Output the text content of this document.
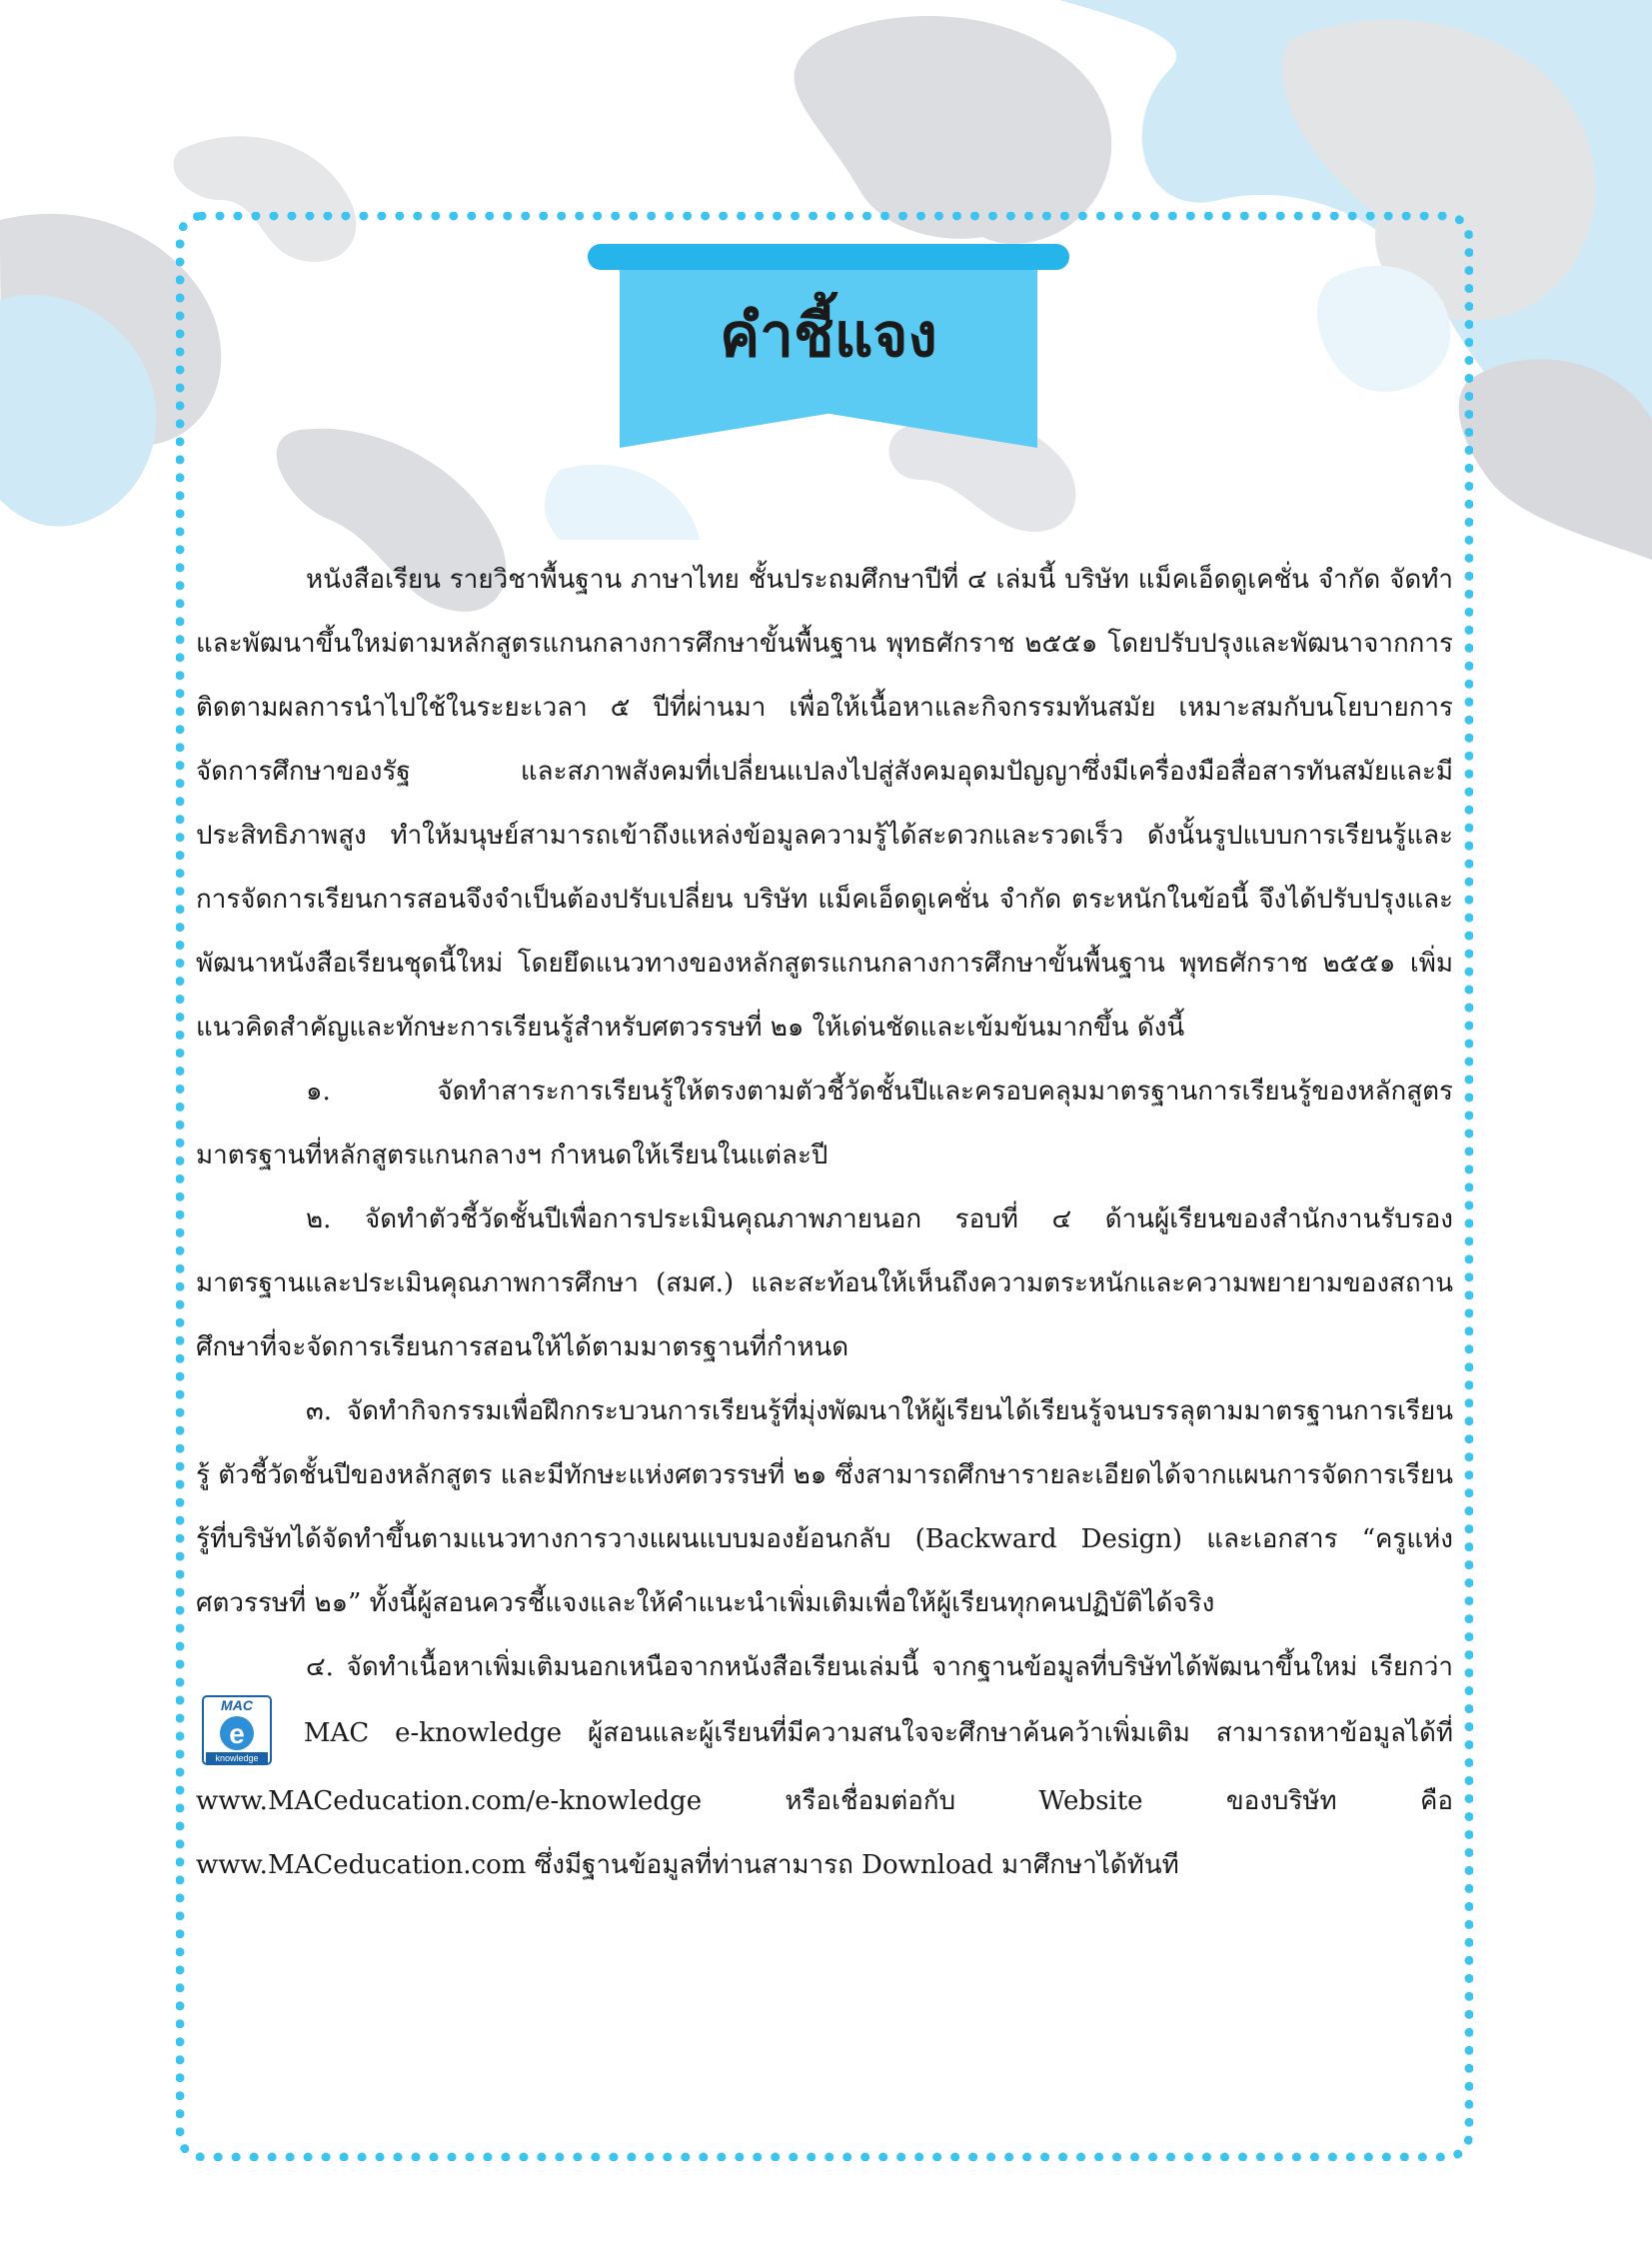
คำชี้แจง

หนังสือเรียน รายวิชาพื้นฐาน ภาษาไทย ชั้นประถมศึกษาปีที่ ๔ เล่มนี้ บริษัท แม็คเอ็ดดูเคชั่น จำกัด จัดทำและพัฒนาขึ้นใหม่ตามหลักสูตรแกนกลางการศึกษาขั้นพื้นฐาน พุทธศักราช ๒๕๕๑ โดยปรับปรุงและพัฒนาจากการติดตามผลการนำไปใช้ในระยะเวลา ๕ ปีที่ผ่านมา เพื่อให้เนื้อหาและกิจกรรมทันสมัย เหมาะสมกับนโยบายการจัดการศึกษาของรัฐ และสภาพสังคมที่เปลี่ยนแปลงไปสู่สังคมอุดมปัญญาซึ่งมีเครื่องมือสื่อสารทันสมัยและมีประสิทธิภาพสูง ทำให้มนุษย์สามารถเข้าถึงแหล่งข้อมูลความรู้ได้สะดวกและรวดเร็ว ดังนั้นรูปแบบการเรียนรู้และการจัดการเรียนการสอนจึงจำเป็นต้องปรับเปลี่ยน บริษัท แม็คเอ็ดดูเคชั่น จำกัด ตระหนักในข้อนี้ จึงได้ปรับปรุงและพัฒนาหนังสือเรียนชุดนี้ใหม่ โดยยึดแนวทางของหลักสูตรแกนกลางการศึกษาขั้นพื้นฐาน พุทธศักราช ๒๕๕๑ เพิ่มแนวคิดสำคัญและทักษะการเรียนรู้สำหรับศตวรรษที่ ๒๑ ให้เด่นชัดและเข้มข้นมากขึ้น ดังนี้

๑. จัดทำสาระการเรียนรู้ให้ตรงตามตัวชี้วัดชั้นปีและครอบคลุมมาตรฐานการเรียนรู้ของหลักสูตรมาตรฐานที่หลักสูตรแกนกลางฯ กำหนดให้เรียนในแต่ละปี

๒. จัดทำตัวชี้วัดชั้นปีเพื่อการประเมินคุณภาพภายนอก รอบที่ ๔ ด้านผู้เรียนของสำนักงานรับรองมาตรฐานและประเมินคุณภาพการศึกษา (สมศ.) และสะท้อนให้เห็นถึงความตระหนักและความพยายามของสถานศึกษาที่จะจัดการเรียนการสอนให้ได้ตามมาตรฐานที่กำหนด

๓. จัดทำกิจกรรมเพื่อฝึกกระบวนการเรียนรู้ที่มุ่งพัฒนาให้ผู้เรียนได้เรียนรู้จนบรรลุตามมาตรฐานการเรียนรู้ ตัวชี้วัดชั้นปีของหลักสูตร และมีทักษะแห่งศตวรรษที่ ๒๑ ซึ่งสามารถศึกษารายละเอียดได้จากแผนการจัดการเรียนรู้ที่บริษัทได้จัดทำขึ้นตามแนวทางการวางแผนแบบมองย้อนกลับ (Backward Design) และเอกสาร “ครูแห่งศตวรรษที่ ๒๑” ทั้งนี้ผู้สอนควรชี้แจงและให้คำแนะนำเพิ่มเติมเพื่อให้ผู้เรียนทุกคนปฏิบัติได้จริง

๔. จัดทำเนื้อหาเพิ่มเติมนอกเหนือจากหนังสือเรียนเล่มนี้ จากฐานข้อมูลที่บริษัทได้พัฒนาขึ้นใหม่ เรียกว่า
MAC
e
knowledge
MAC e-knowledge ผู้สอนและผู้เรียนที่มีความสนใจจะศึกษาค้นคว้าเพิ่มเติม สามารถหาข้อมูลได้ที่ www.MACeducation.com/e-knowledge หรือเชื่อมต่อกับ Website ของบริษัท คือ www.MACeducation.com ซึ่งมีฐานข้อมูลที่ท่านสามารถ Download มาศึกษาได้ทันที
